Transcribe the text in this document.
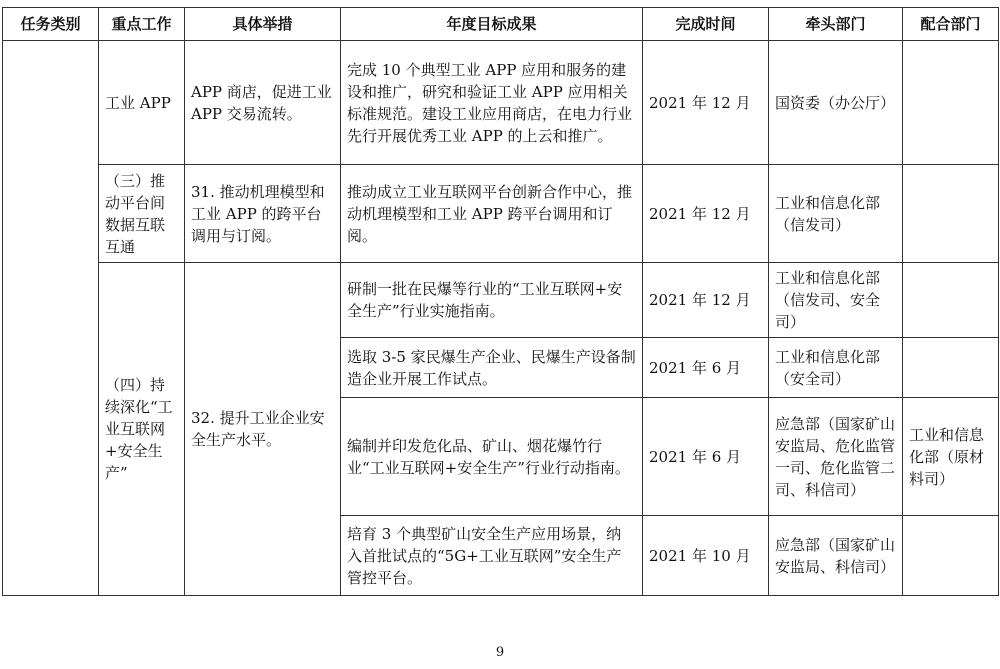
任务类别	重点工作	具体举措	年度目标成果	完成时间	牵头部门	配合部门
	工业 APP	APP 商店，促进工业 APP 交易流转。	完成 10 个典型工业 APP 应用和服务的建设和推广，研究和验证工业 APP 应用相关标准规范。建设工业应用商店，在电力行业先行开展优秀工业 APP 的上云和推广。	2021 年 12 月	国资委（办公厅）	
	（三）推动平台间数据互联互通	31. 推动机理模型和工业 APP 的跨平台调用与订阅。	推动成立工业互联网平台创新合作中心，推动机理模型和工业 APP 跨平台调用和订阅。	2021 年 12 月	工业和信息化部（信发司）	
	（四）持续深化“工业互联网+安全生产”	32. 提升工业企业安全生产水平。	研制一批在民爆等行业的“工业互联网+安全生产”行业实施指南。	2021 年 12 月	工业和信息化部（信发司、安全司）	
			选取 3-5 家民爆生产企业、民爆生产设备制造企业开展工作试点。	2021 年 6 月	工业和信息化部（安全司）	
			编制并印发危化品、矿山、烟花爆竹行业“工业互联网+安全生产”行业行动指南。	2021 年 6 月	应急部（国家矿山安监局、危化监管一司、危化监管二司、科信司）	工业和信息化部（原材料司）
			培育 3 个典型矿山安全生产应用场景，纳入首批试点的“5G+工业互联网”安全生产管控平台。	2021 年 10 月	应急部（国家矿山安监局、科信司）	
9
